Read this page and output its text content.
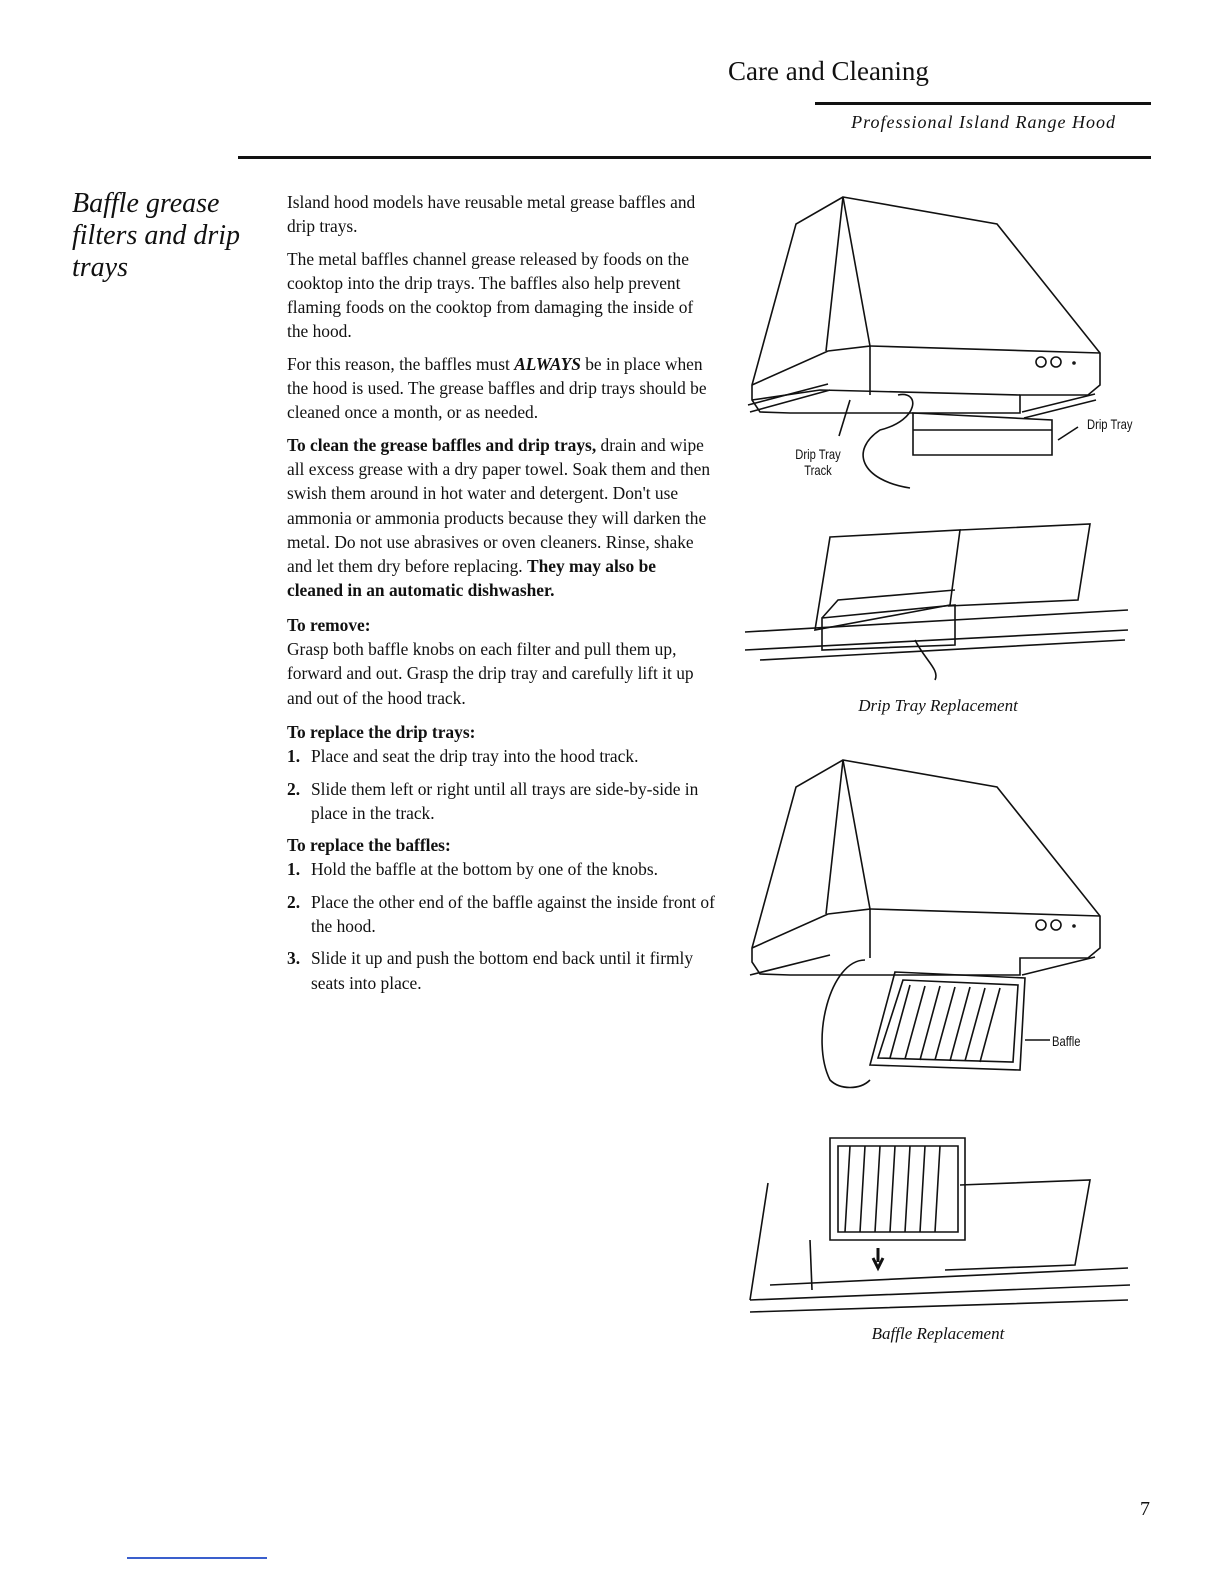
Care and Cleaning
Professional Island Range Hood
Baffle grease filters and drip trays

Island hood models have reusable metal grease baffles and drip trays.

The metal baffles channel grease released by foods on the cooktop into the drip trays. The baffles also help prevent flaming foods on the cooktop from damaging the inside of the hood.

For this reason, the baffles must ALWAYS be in place when the hood is used. The grease baffles and drip trays should be cleaned once a month, or as needed.

To clean the grease baffles and drip trays, drain and wipe all excess grease with a dry paper towel. Soak them and then swish them around in hot water and detergent. Don't use ammonia or ammonia products because they will darken the metal. Do not use abrasives or oven cleaners. Rinse, shake and let them dry before replacing. They may also be cleaned in an automatic dishwasher.

To remove:

Grasp both baffle knobs on each filter and pull them up, forward and out. Grasp the drip tray and carefully lift it up and out of the hood track.

To replace the drip trays:
1. Place and seat the drip tray into the hood track.
2. Slide them left or right until all trays are side-by-side in place in the track.
To replace the baffles:
1. Hold the baffle at the bottom by one of the knobs.
2. Place the other end of the baffle against the inside front of the hood.
3. Slide it up and push the bottom end back until it firmly seats into place.
Drip Tray
Drip Tray
Track
Drip Tray Replacement
Baffle
Baffle Replacement
7
